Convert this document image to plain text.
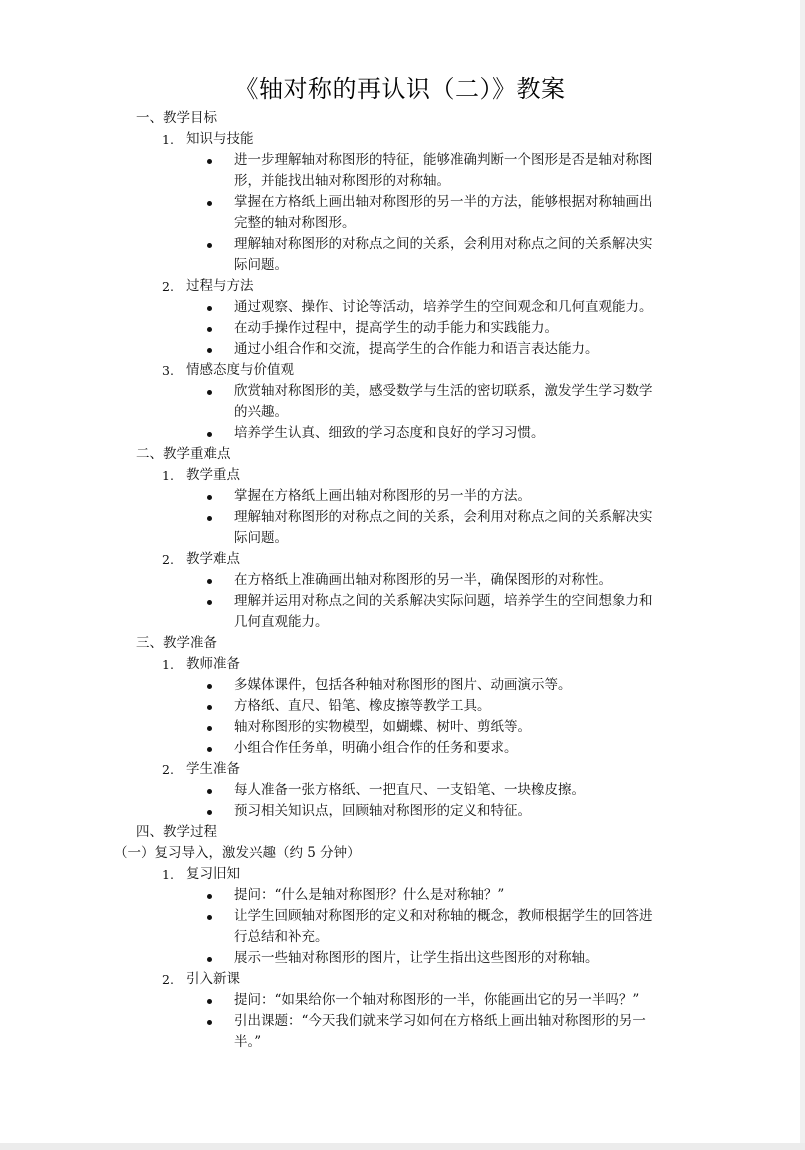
《轴对称的再认识（二）》教案
一、教学目标
1. 知识与技能
进一步理解轴对称图形的特征，能够准确判断一个图形是否是轴对称图形，并能找出轴对称图形的对称轴。
掌握在方格纸上画出轴对称图形的另一半的方法，能够根据对称轴画出完整的轴对称图形。
理解轴对称图形的对称点之间的关系，会利用对称点之间的关系解决实际问题。
2. 过程与方法
通过观察、操作、讨论等活动，培养学生的空间观念和几何直观能力。
在动手操作过程中，提高学生的动手能力和实践能力。
通过小组合作和交流，提高学生的合作能力和语言表达能力。
3. 情感态度与价值观
欣赏轴对称图形的美，感受数学与生活的密切联系，激发学生学习数学的兴趣。
培养学生认真、细致的学习态度和良好的学习习惯。
二、教学重难点
1. 教学重点
掌握在方格纸上画出轴对称图形的另一半的方法。
理解轴对称图形的对称点之间的关系，会利用对称点之间的关系解决实际问题。
2. 教学难点
在方格纸上准确画出轴对称图形的另一半，确保图形的对称性。
理解并运用对称点之间的关系解决实际问题，培养学生的空间想象力和几何直观能力。
三、教学准备
1. 教师准备
多媒体课件，包括各种轴对称图形的图片、动画演示等。
方格纸、直尺、铅笔、橡皮擦等教学工具。
轴对称图形的实物模型，如蝴蝶、树叶、剪纸等。
小组合作任务单，明确小组合作的任务和要求。
2. 学生准备
每人准备一张方格纸、一把直尺、一支铅笔、一块橡皮擦。
预习相关知识点，回顾轴对称图形的定义和特征。
四、教学过程
（一）复习导入，激发兴趣（约 5 分钟）
1. 复习旧知
提问：“什么是轴对称图形？什么是对称轴？”
让学生回顾轴对称图形的定义和对称轴的概念，教师根据学生的回答进行总结和补充。
展示一些轴对称图形的图片，让学生指出这些图形的对称轴。
2. 引入新课
提问：“如果给你一个轴对称图形的一半，你能画出它的另一半吗？”
引出课题：“今天我们就来学习如何在方格纸上画出轴对称图形的另一半。”
